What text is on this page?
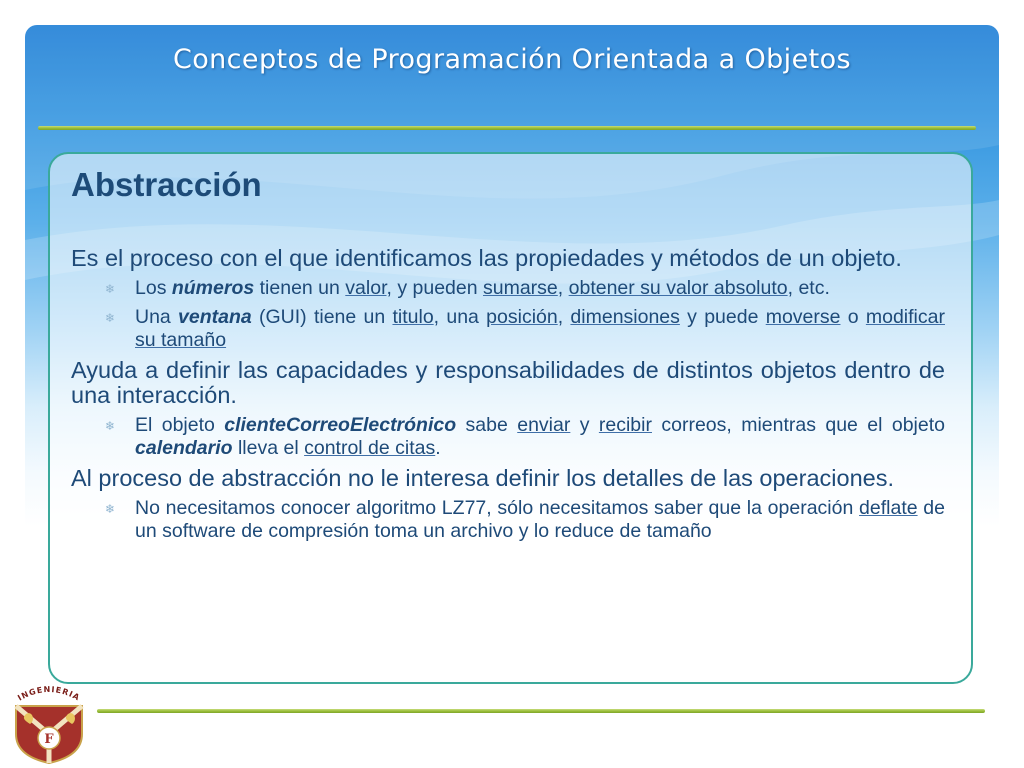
Conceptos de Programación Orientada a Objetos
Abstracción

Es el proceso con el que identificamos las propiedades y métodos de un objeto.

❄ Los números tienen un valor, y pueden sumarse, obtener su valor absoluto, etc.
❄ Una ventana (GUI) tiene un titulo, una posición, dimensiones y puede moverse o modificar su tamaño

Ayuda a definir las capacidades y responsabilidades de distintos objetos dentro de una interacción.

❄ El objeto clienteCorreoElectrónico sabe enviar y recibir correos, mientras que el objeto calendario lleva el control de citas.

Al proceso de abstracción no le interesa definir los detalles de las operaciones.

❄ No necesitamos conocer algoritmo LZ77, sólo necesitamos saber que la operación deflate de un software de compresión toma un archivo y lo reduce de tamaño
INGENIERIA
F
